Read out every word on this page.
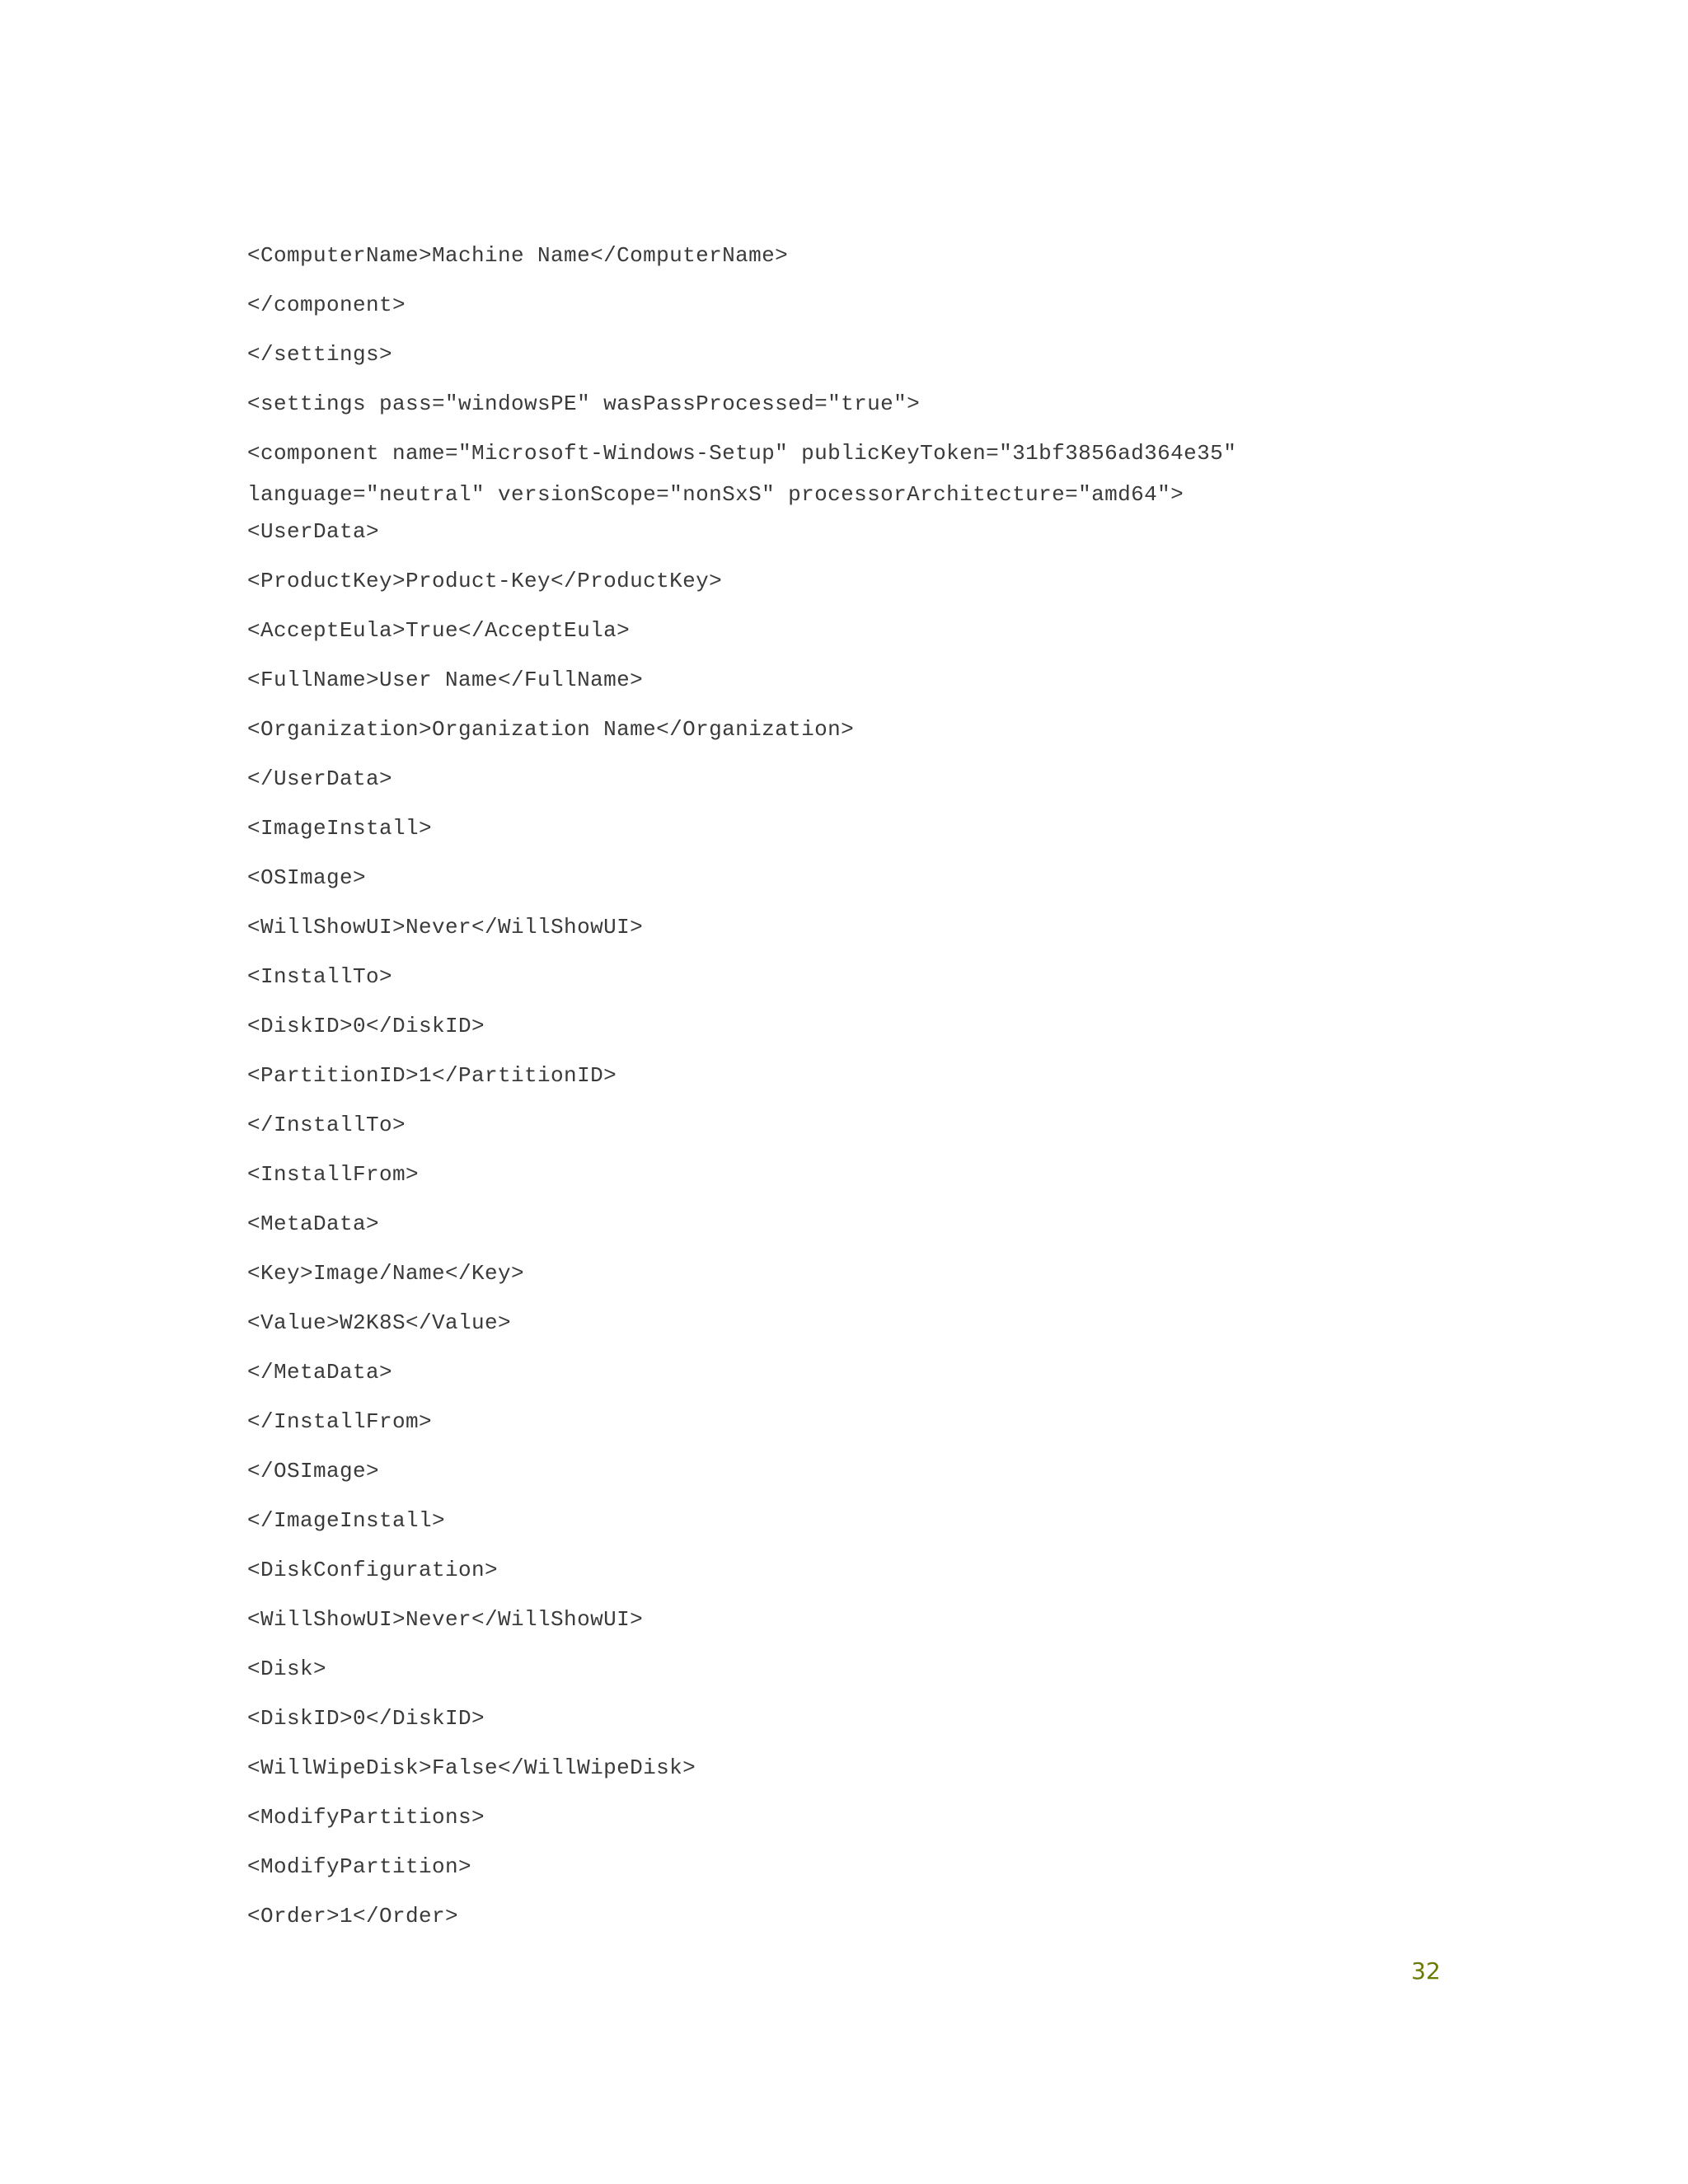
<ComputerName>Machine Name</ComputerName>
</component>
</settings>
<settings pass="windowsPE" wasPassProcessed="true">
<component name="Microsoft-Windows-Setup" publicKeyToken="31bf3856ad364e35" language="neutral" versionScope="nonSxS" processorArchitecture="amd64">
<UserData>
<ProductKey>Product-Key</ProductKey>
<AcceptEula>True</AcceptEula>
<FullName>User Name</FullName>
<Organization>Organization Name</Organization>
</UserData>
<ImageInstall>
<OSImage>
<WillShowUI>Never</WillShowUI>
<InstallTo>
<DiskID>0</DiskID>
<PartitionID>1</PartitionID>
</InstallTo>
<InstallFrom>
<MetaData>
<Key>Image/Name</Key>
<Value>W2K8S</Value>
</MetaData>
</InstallFrom>
</OSImage>
</ImageInstall>
<DiskConfiguration>
<WillShowUI>Never</WillShowUI>
<Disk>
<DiskID>0</DiskID>
<WillWipeDisk>False</WillWipeDisk>
<ModifyPartitions>
<ModifyPartition>
<Order>1</Order>
32
